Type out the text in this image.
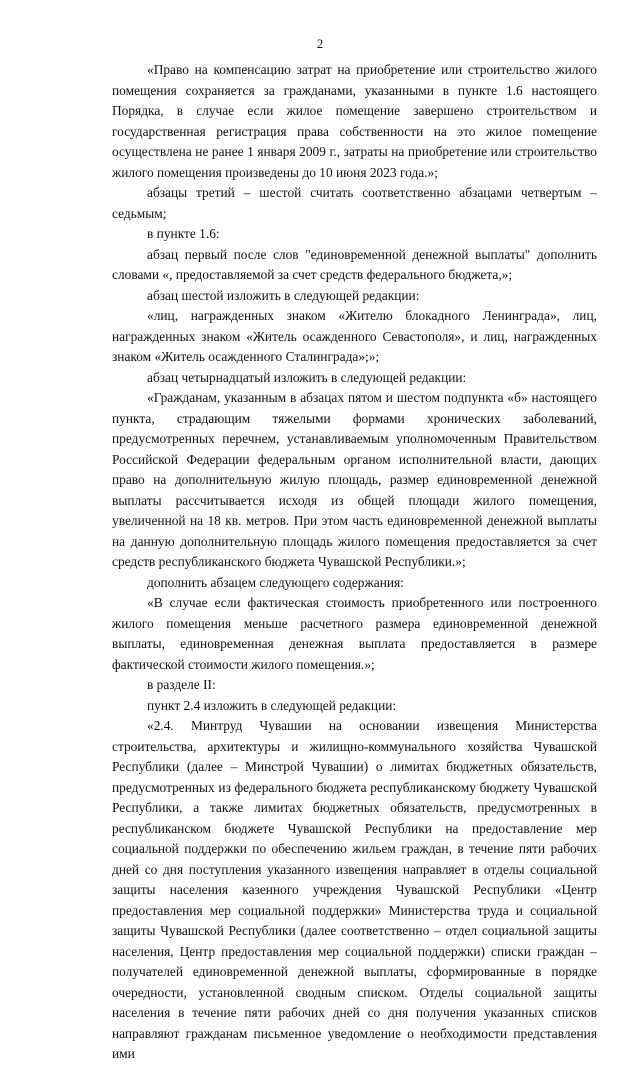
2

«Право на компенсацию затрат на приобретение или строительство жилого помещения сохраняется за гражданами, указанными в пункте 1.6 настоящего Порядка, в случае если жилое помещение завершено строительством и государственная регистрация права собственности на это жилое помещение осуществлена не ранее 1 января 2009 г., затраты на приобретение или строительство жилого помещения произведены до 10 июня 2023 года.»;

абзацы третий – шестой считать соответственно абзацами четвертым – седьмым;

в пункте 1.6:

абзац первый после слов "единовременной денежной выплаты" дополнить словами «, предоставляемой за счет средств федерального бюджета,»;

абзац шестой изложить в следующей редакции:

«лиц, награжденных знаком «Жителю блокадного Ленинграда», лиц, награжденных знаком «Житель осажденного Севастополя», и лиц, награжденных знаком «Житель осажденного Сталинграда»;»;

абзац четырнадцатый изложить в следующей редакции:

«Гражданам, указанным в абзацах пятом и шестом подпункта «б» настоящего пункта, страдающим тяжелыми формами хронических заболеваний, предусмотренных перечнем, устанавливаемым уполномоченным Правительством Российской Федерации федеральным органом исполнительной власти, дающих право на дополнительную жилую площадь, размер единовременной денежной выплаты рассчитывается исходя из общей площади жилого помещения, увеличенной на 18 кв. метров. При этом часть единовременной денежной выплаты на данную дополнительную площадь жилого помещения предоставляется за счет средств республиканского бюджета Чувашской Республики.»;

дополнить абзацем следующего содержания:

«В случае если фактическая стоимость приобретенного или построенного жилого помещения меньше расчетного размера единовременной денежной выплаты, единовременная денежная выплата предоставляется в размере фактической стоимости жилого помещения.»;

в разделе II:

пункт 2.4 изложить в следующей редакции:

«2.4. Минтруд Чувашии на основании извещения Министерства строительства, архитектуры и жилищно-коммунального хозяйства Чувашской Республики (далее – Минстрой Чувашии) о лимитах бюджетных обязательств, предусмотренных из федерального бюджета республиканскому бюджету Чувашской Республики, а также лимитах бюджетных обязательств, предусмотренных в республиканском бюджете Чувашской Республики на предоставление мер социальной поддержки по обеспечению жильем граждан, в течение пяти рабочих дней со дня поступления указанного извещения направляет в отделы социальной защиты населения казенного учреждения Чувашской Республики «Центр предоставления мер социальной поддержки» Министерства труда и социальной защиты Чувашской Республики (далее соответственно – отдел социальной защиты населения, Центр предоставления мер социальной поддержки) списки граждан – получателей единовременной денежной выплаты, сформированные в порядке очередности, установленной сводным списком. Отделы социальной защиты населения в течение пяти рабочих дней со дня получения указанных списков направляют гражданам письменное уведомление о необходимости представления ими
